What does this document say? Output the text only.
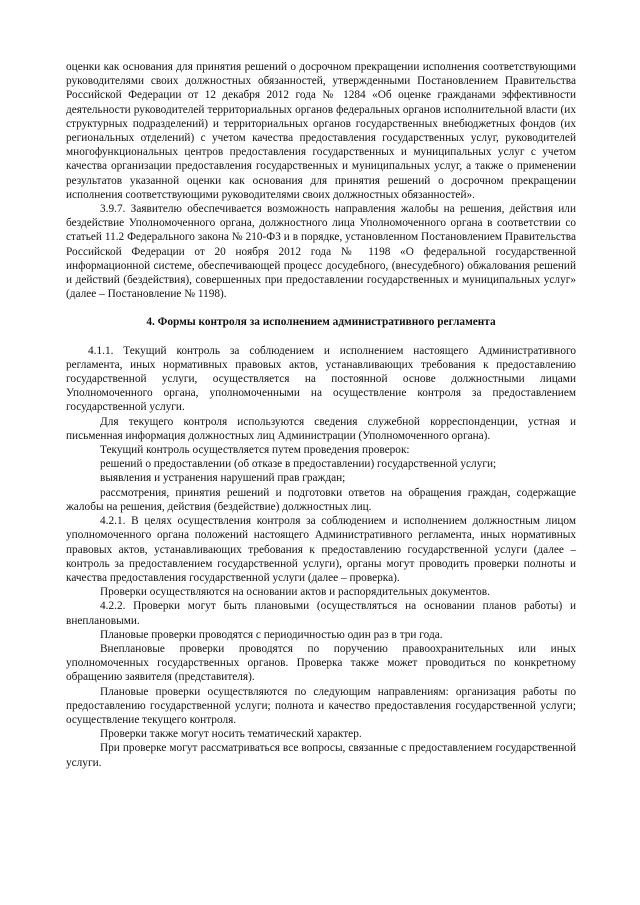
оценки как основания для принятия решений о досрочном прекращении исполнения соответствующими руководителями своих должностных обязанностей, утвержденными Постановлением Правительства Российской Федерации от 12 декабря 2012 года № 1284 «Об оценке гражданами эффективности деятельности руководителей территориальных органов федеральных органов исполнительной власти (их структурных подразделений) и территориальных органов государственных внебюджетных фондов (их региональных отделений) с учетом качества предоставления государственных услуг, руководителей многофункциональных центров предоставления государственных и муниципальных услуг с учетом качества организации предоставления государственных и муниципальных услуг, а также о применении результатов указанной оценки как основания для принятия решений о досрочном прекращении исполнения соответствующими руководителями своих должностных обязанностей».

3.9.7. Заявителю обеспечивается возможность направления жалобы на решения, действия или бездействие Уполномоченного органа, должностного лица Уполномоченного органа в соответствии со статьей 11.2 Федерального закона № 210-ФЗ и в порядке, установленном Постановлением Правительства Российской Федерации от 20 ноября 2012 года № 1198 «О федеральной государственной информационной системе, обеспечивающей процесс досудебного, (внесудебного) обжалования решений и действий (бездействия), совершенных при предоставлении государственных и муниципальных услуг» (далее – Постановление № 1198).

4. Формы контроля за исполнением административного регламента

4.1.1. Текущий контроль за соблюдением и исполнением настоящего Административного регламента, иных нормативных правовых актов, устанавливающих требования к предоставлению государственной услуги, осуществляется на постоянной основе должностными лицами Уполномоченного органа, уполномоченными на осуществление контроля за предоставлением государственной услуги.

Для текущего контроля используются сведения служебной корреспонденции, устная и письменная информация должностных лиц Администрации (Уполномоченного органа).

Текущий контроль осуществляется путем проведения проверок:

решений о предоставлении (об отказе в предоставлении) государственной услуги;

выявления и устранения нарушений прав граждан;

рассмотрения, принятия решений и подготовки ответов на обращения граждан, содержащие жалобы на решения, действия (бездействие) должностных лиц.

4.2.1. В целях осуществления контроля за соблюдением и исполнением должностным лицом уполномоченного органа положений настоящего Административного регламента, иных нормативных правовых актов, устанавливающих требования к предоставлению государственной услуги (далее – контроль за предоставлением государственной услуги), органы могут проводить проверки полноты и качества предоставления государственной услуги (далее – проверка).

Проверки осуществляются на основании актов и распорядительных документов.

4.2.2. Проверки могут быть плановыми (осуществляться на основании планов работы) и внеплановыми.

Плановые проверки проводятся с периодичностью один раз в три года.

Внеплановые проверки проводятся по поручению правоохранительных или иных уполномоченных государственных органов. Проверка также может проводиться по конкретному обращению заявителя (представителя).

Плановые проверки осуществляются по следующим направлениям: организация работы по предоставлению государственной услуги; полнота и качество предоставления государственной услуги; осуществление текущего контроля.

Проверки также могут носить тематический характер.

При проверке могут рассматриваться все вопросы, связанные с предоставлением государственной услуги.
